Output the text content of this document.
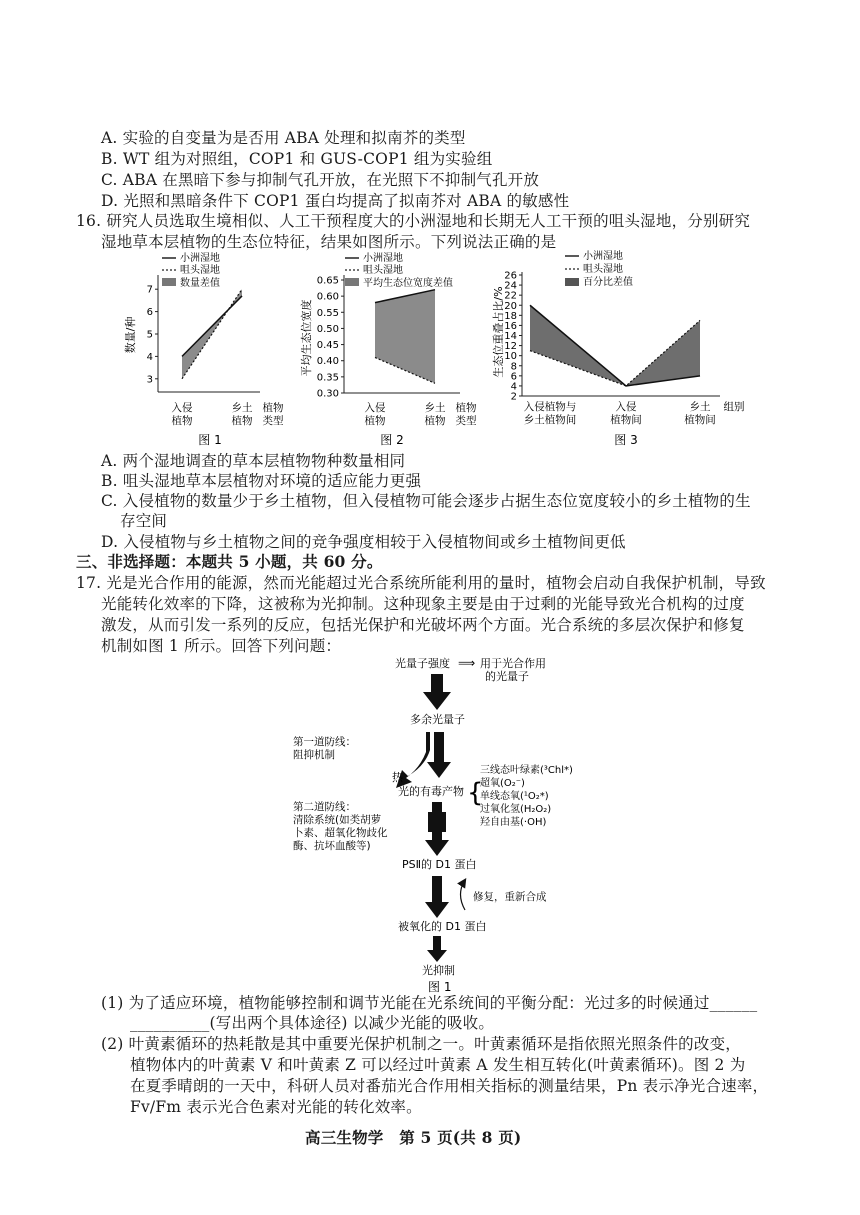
A. 实验的自变量为是否用 ABA 处理和拟南芥的类型
B. WT 组为对照组，COP1 和 GUS-COP1 组为实验组
C. ABA 在黑暗下参与抑制气孔开放，在光照下不抑制气孔开放
D. 光照和黑暗条件下 COP1 蛋白均提高了拟南芥对 ABA 的敏感性
16. 研究人员选取生境相似、人工干预程度大的小洲湿地和长期无人工干预的咀头湿地，分别研究
湿地草本层植物的生态位特征，结果如图所示。下列说法正确的是
小洲湿地
咀头湿地
数量差值
数量/种
3
4
5
6
7
入侵
植物
乡土
植物
植物
类型
图 1
小洲湿地
咀头湿地
平均生态位宽度差值
平均生态位宽度
0.30
0.35
0.40
0.45
0.50
0.55
0.60
0.65
入侵
植物
乡土
植物
植物
类型
图 2
小洲湿地
咀头湿地
百分比差值
生态位重叠占比/%
2
4
6
8
10
12
14
16
18
20
22
24
26
入侵植物与
乡土植物间
入侵
植物间
乡土
植物间
组别
图 3
A. 两个湿地调查的草本层植物物种数量相同
B. 咀头湿地草本层植物对环境的适应能力更强
C. 入侵植物的数量少于乡土植物，但入侵植物可能会逐步占据生态位宽度较小的乡土植物的生
存空间
D. 入侵植物与乡土植物之间的竞争强度相较于入侵植物间或乡土植物间更低
三、非选择题：本题共 5 小题，共 60 分。
17. 光是光合作用的能源，然而光能超过光合系统所能利用的量时，植物会启动自我保护机制，导致
光能转化效率的下降，这被称为光抑制。这种现象主要是由于过剩的光能导致光合机构的过度
激发，从而引发一系列的反应，包括光保护和光破坏两个方面。光合系统的多层次保护和修复
机制如图 1 所示。回答下列问题：
光量子强度 ⟹ 用于光合作用
的光量子
多余光量子
第一道防线：
阻抑机制
热
光的有毒产物 {
三线态叶绿素(³Chl*)
超氧(O₂⁻)
单线态氧(¹O₂*)
过氧化氢(H₂O₂)
羟自由基(·OH)
第二道防线：
清除系统(如类胡萝
卜素、超氧化物歧化
酶、抗坏血酸等)
PSⅡ的 D1 蛋白
修复，重新合成
被氧化的 D1 蛋白
光抑制
图 1
(1) 为了适应环境，植物能够控制和调节光能在光系统间的平衡分配：光过多的时候通过______
__________(写出两个具体途径) 以减少光能的吸收。
(2) 叶黄素循环的热耗散是其中重要光保护机制之一。叶黄素循环是指依照光照条件的改变，
植物体内的叶黄素 V 和叶黄素 Z 可以经过叶黄素 A 发生相互转化(叶黄素循环)。图 2 为
在夏季晴朗的一天中，科研人员对番茄光合作用相关指标的测量结果，Pn 表示净光合速率，
Fv/Fm 表示光合色素对光能的转化效率。
高三生物学　第 5 页(共 8 页)
